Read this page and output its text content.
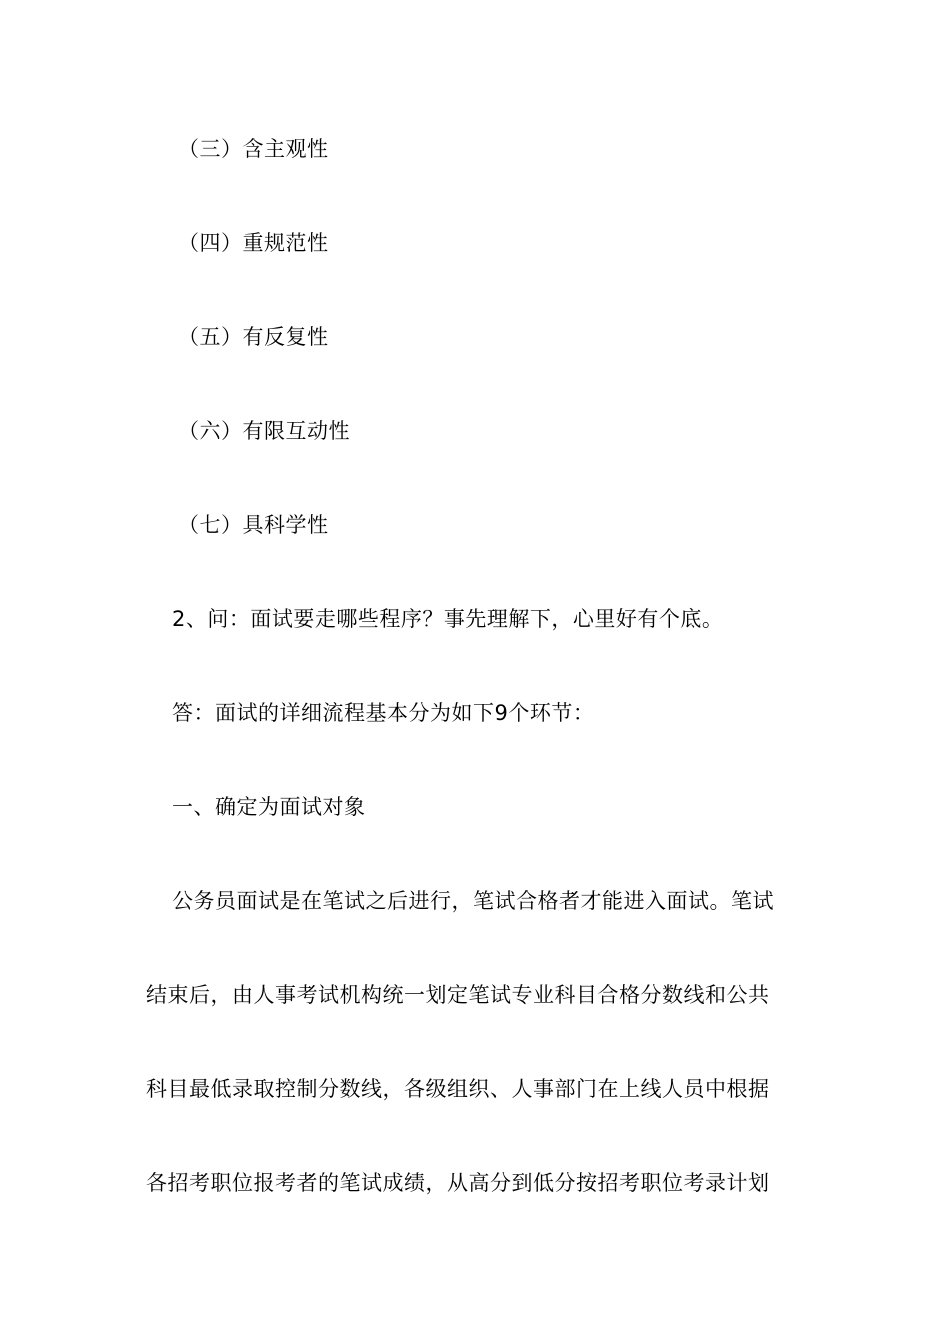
（三）含主观性
（四）重规范性
（五）有反复性
（六）有限互动性
（七）具科学性
2、问：面试要走哪些程序？事先理解下，心里好有个底。
答：面试的详细流程基本分为如下9个环节：
一、确定为面试对象
公务员面试是在笔试之后进行，笔试合格者才能进入面试。笔试
结束后，由人事考试机构统一划定笔试专业科目合格分数线和公共
科目最低录取控制分数线，各级组织、人事部门在上线人员中根据
各招考职位报考者的笔试成绩，从高分到低分按招考职位考录计划
